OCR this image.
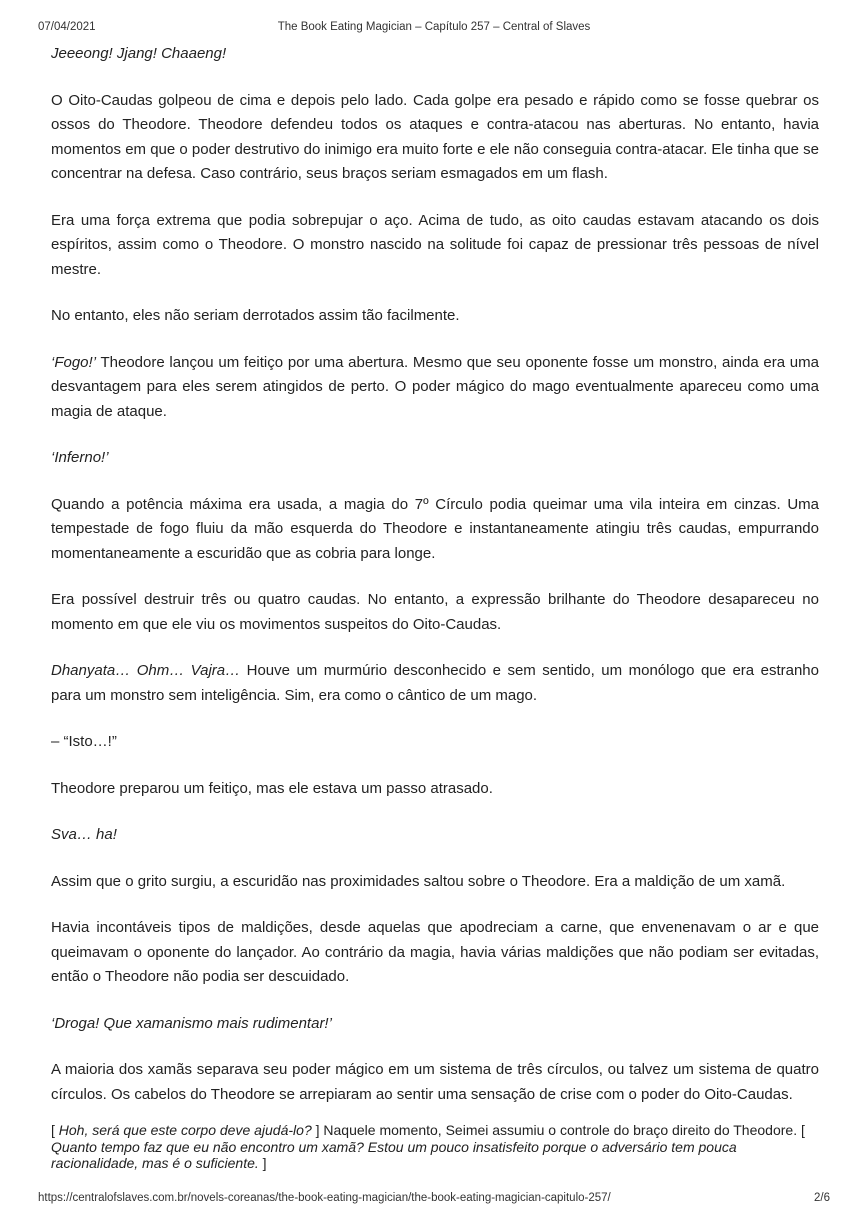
07/04/2021	The Book Eating Magician – Capítulo 257 – Central of Slaves

Jeeeong! Jjang! Chaaeng!

O Oito-Caudas golpeou de cima e depois pelo lado. Cada golpe era pesado e rápido como se fosse quebrar os ossos do Theodore. Theodore defendeu todos os ataques e contra-atacou nas aberturas. No entanto, havia momentos em que o poder destrutivo do inimigo era muito forte e ele não conseguia contra-atacar. Ele tinha que se concentrar na defesa. Caso contrário, seus braços seriam esmagados em um flash.

Era uma força extrema que podia sobrepujar o aço. Acima de tudo, as oito caudas estavam atacando os dois espíritos, assim como o Theodore. O monstro nascido na solitude foi capaz de pressionar três pessoas de nível mestre.

No entanto, eles não seriam derrotados assim tão facilmente.

‘Fogo!’ Theodore lançou um feitiço por uma abertura. Mesmo que seu oponente fosse um monstro, ainda era uma desvantagem para eles serem atingidos de perto. O poder mágico do mago eventualmente apareceu como uma magia de ataque.

‘Inferno!’

Quando a potência máxima era usada, a magia do 7º Círculo podia queimar uma vila inteira em cinzas. Uma tempestade de fogo fluiu da mão esquerda do Theodore e instantaneamente atingiu três caudas, empurrando momentaneamente a escuridão que as cobria para longe.

Era possível destruir três ou quatro caudas. No entanto, a expressão brilhante do Theodore desapareceu no momento em que ele viu os movimentos suspeitos do Oito-Caudas.

Dhanyata… Ohm… Vajra… Houve um murmúrio desconhecido e sem sentido, um monólogo que era estranho para um monstro sem inteligência. Sim, era como o cântico de um mago.

– “Isto…!”

Theodore preparou um feitiço, mas ele estava um passo atrasado.

Sva… ha!

Assim que o grito surgiu, a escuridão nas proximidades saltou sobre o Theodore. Era a maldição de um xamã.

Havia incontáveis tipos de maldições, desde aquelas que apodreciam a carne, que envenenavam o ar e que queimavam o oponente do lançador. Ao contrário da magia, havia várias maldições que não podiam ser evitadas, então o Theodore não podia ser descuidado.

‘Droga! Que xamanismo mais rudimentar!’

A maioria dos xamãs separava seu poder mágico em um sistema de três círculos, ou talvez um sistema de quatro círculos. Os cabelos do Theodore se arrepiaram ao sentir uma sensação de crise com o poder do Oito-Caudas.

[ Hoh, será que este corpo deve ajudá-lo? ] Naquele momento, Seimei assumiu o controle do braço direito do Theodore. [ Quanto tempo faz que eu não encontro um xamã? Estou um pouco insatisfeito porque o adversário tem pouca racionalidade, mas é o suficiente. ]

https://centralofslaves.com.br/novels-coreanas/the-book-eating-magician/the-book-eating-magician-capitulo-257/	2/6
